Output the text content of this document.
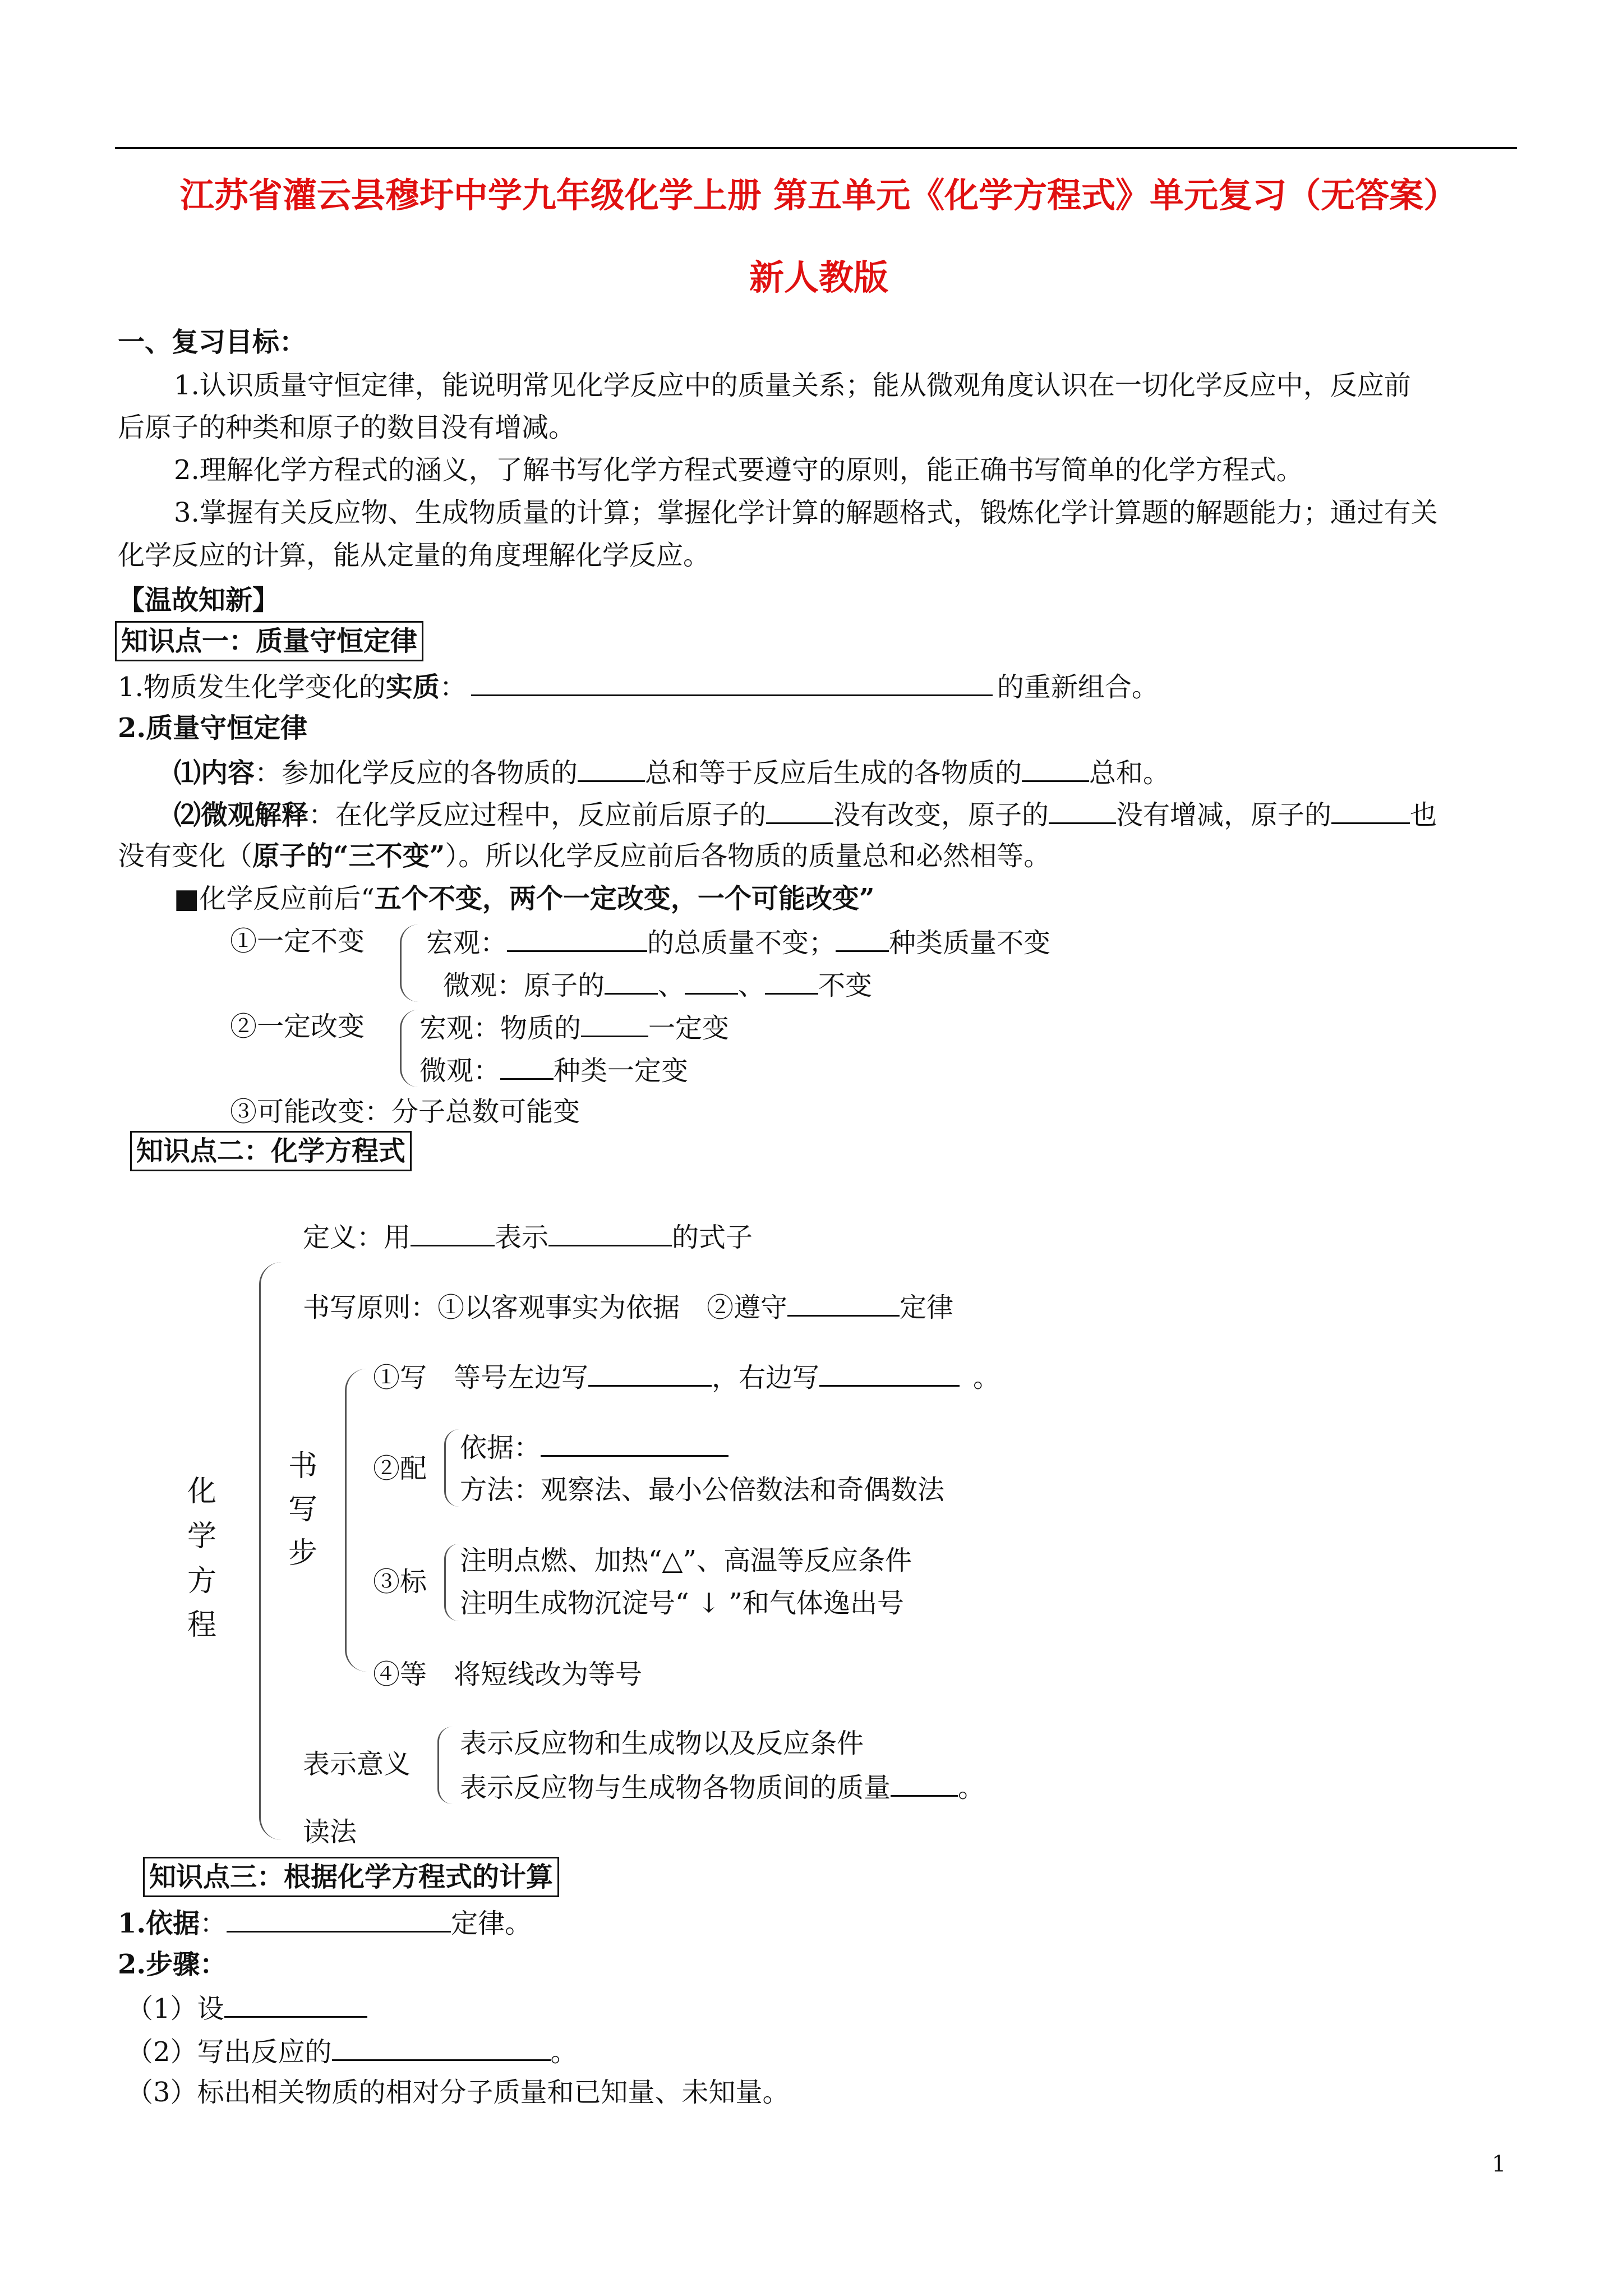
江苏省灌云县穆圩中学九年级化学上册 第五单元《化学方程式》单元复习（无答案）
新人教版
一、复习目标：
1.认识质量守恒定律，能说明常见化学反应中的质量关系；能从微观角度认识在一切化学反应中，反应前
后原子的种类和原子的数目没有增减。
2.理解化学方程式的涵义，了解书写化学方程式要遵守的原则，能正确书写简单的化学方程式。
3.掌握有关反应物、生成物质量的计算；掌握化学计算的解题格式，锻炼化学计算题的解题能力；通过有关
化学反应的计算，能从定量的角度理解化学反应。
【温故知新】
知识点一：质量守恒定律
1.物质发生化学变化的实质：	的重新组合。
2.质量守恒定律
⑴内容：参加化学反应的各物质的	总和等于反应后生成的各物质的	总和。
⑵微观解释：在化学反应过程中，反应前后原子的	没有改变，原子的	没有增减，原子的	也
没有变化（原子的“三不变”）。所以化学反应前后各物质的质量总和必然相等。
■化学反应前后“五个不变，两个一定改变，一个可能改变”
①一定不变 宏观：	的总质量不变； 种类质量不变
微观：原子的 、 、 不变
②一定改变 宏观：物质的	一定变
微观： 种类一定变
③可能改变：分子总数可能变
知识点二：化学方程式
化
学
方
程
定义：用	表示	的式子
书写原则：①以客观事实为依据　②遵守	定律
书
写
步
①写　等号左边写	，右边写	。
②配
依据：
方法：观察法、最小公倍数法和奇偶数法
③标
注明点燃、加热“△”、高温等反应条件
注明生成物沉淀号“ ↓ ”和气体逸出号
④等　将短线改为等号
表示意义
表示反应物和生成物以及反应条件
表示反应物与生成物各物质间的质量	。
读法
知识点三：根据化学方程式的计算
1.依据：	定律。
2.步骤：
（1）设
（2）写出反应的	。
（3）标出相关物质的相对分子质量和已知量、未知量。
1
